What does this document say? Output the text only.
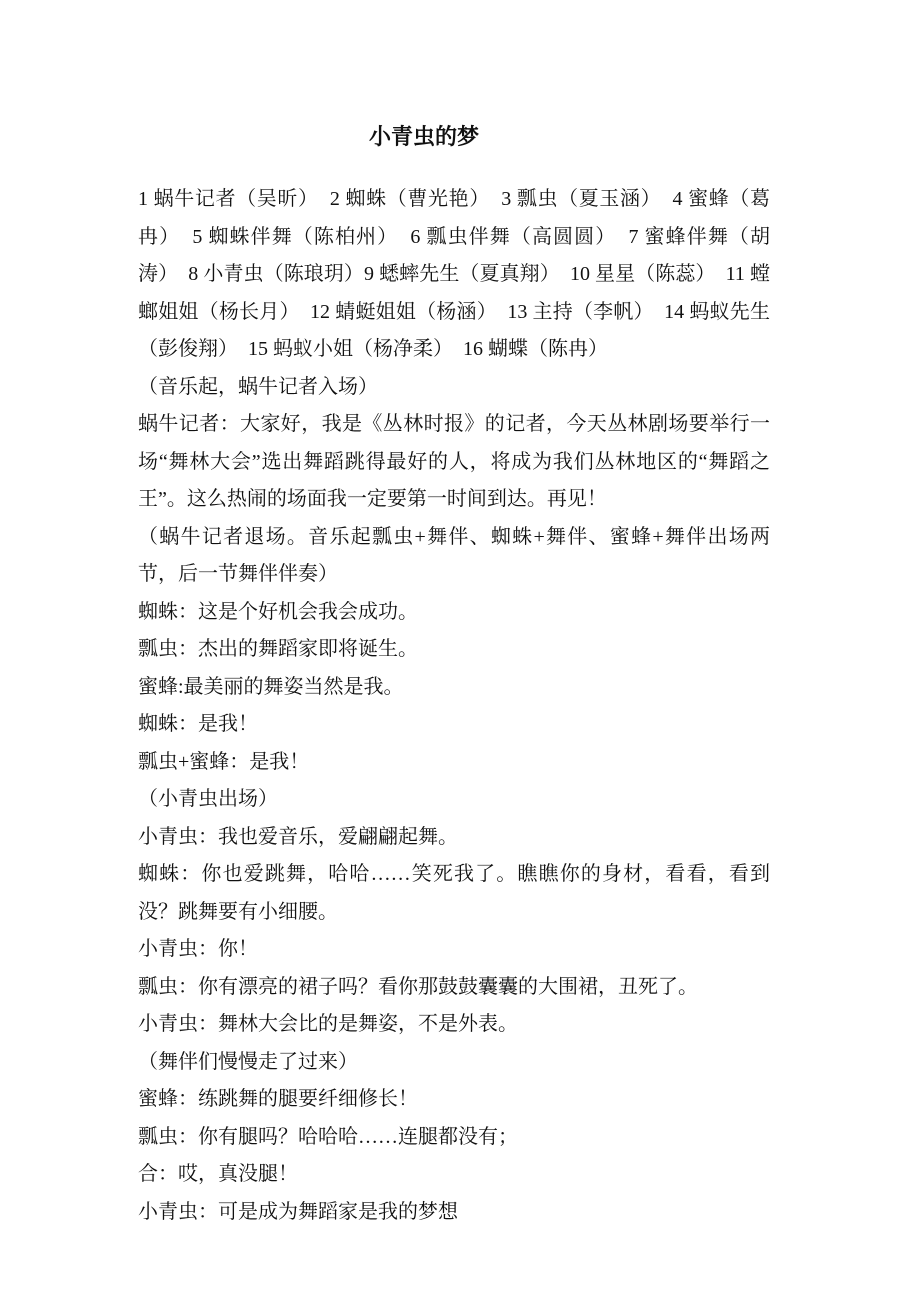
小青虫的梦

1 蜗牛记者（吴昕）  2 蜘蛛（曹光艳）  3 瓢虫（夏玉涵）  4 蜜蜂（葛冉）  5 蜘蛛伴舞（陈柏州）  6 瓢虫伴舞（高圆圆）  7 蜜蜂伴舞（胡涛）  8 小青虫（陈琅玥）9 蟋蟀先生（夏真翔）  10 星星（陈蕊）  11 螳螂姐姐（杨长月）  12 蜻蜓姐姐（杨涵）  13 主持（李帆）  14 蚂蚁先生（彭俊翔）  15 蚂蚁小姐（杨净柔）  16 蝴蝶（陈冉）

（音乐起，蜗牛记者入场）

蜗牛记者：大家好，我是《丛林时报》的记者，今天丛林剧场要举行一场“舞林大会”选出舞蹈跳得最好的人，将成为我们丛林地区的“舞蹈之王”。这么热闹的场面我一定要第一时间到达。再见！

（蜗牛记者退场。音乐起瓢虫+舞伴、蜘蛛+舞伴、蜜蜂+舞伴出场两节，后一节舞伴伴奏）

蜘蛛：这是个好机会我会成功。

瓢虫：杰出的舞蹈家即将诞生。

蜜蜂:最美丽的舞姿当然是我。

蜘蛛：是我！

瓢虫+蜜蜂：是我！

（小青虫出场）

小青虫：我也爱音乐，爱翩翩起舞。

蜘蛛：你也爱跳舞，哈哈……笑死我了。瞧瞧你的身材，看看，看到没？跳舞要有小细腰。

小青虫：你！

瓢虫：你有漂亮的裙子吗？看你那鼓鼓囊囊的大围裙，丑死了。

小青虫：舞林大会比的是舞姿，不是外表。

（舞伴们慢慢走了过来）

蜜蜂：练跳舞的腿要纤细修长！

瓢虫：你有腿吗？哈哈哈……连腿都没有；

合：哎，真没腿！

小青虫：可是成为舞蹈家是我的梦想
